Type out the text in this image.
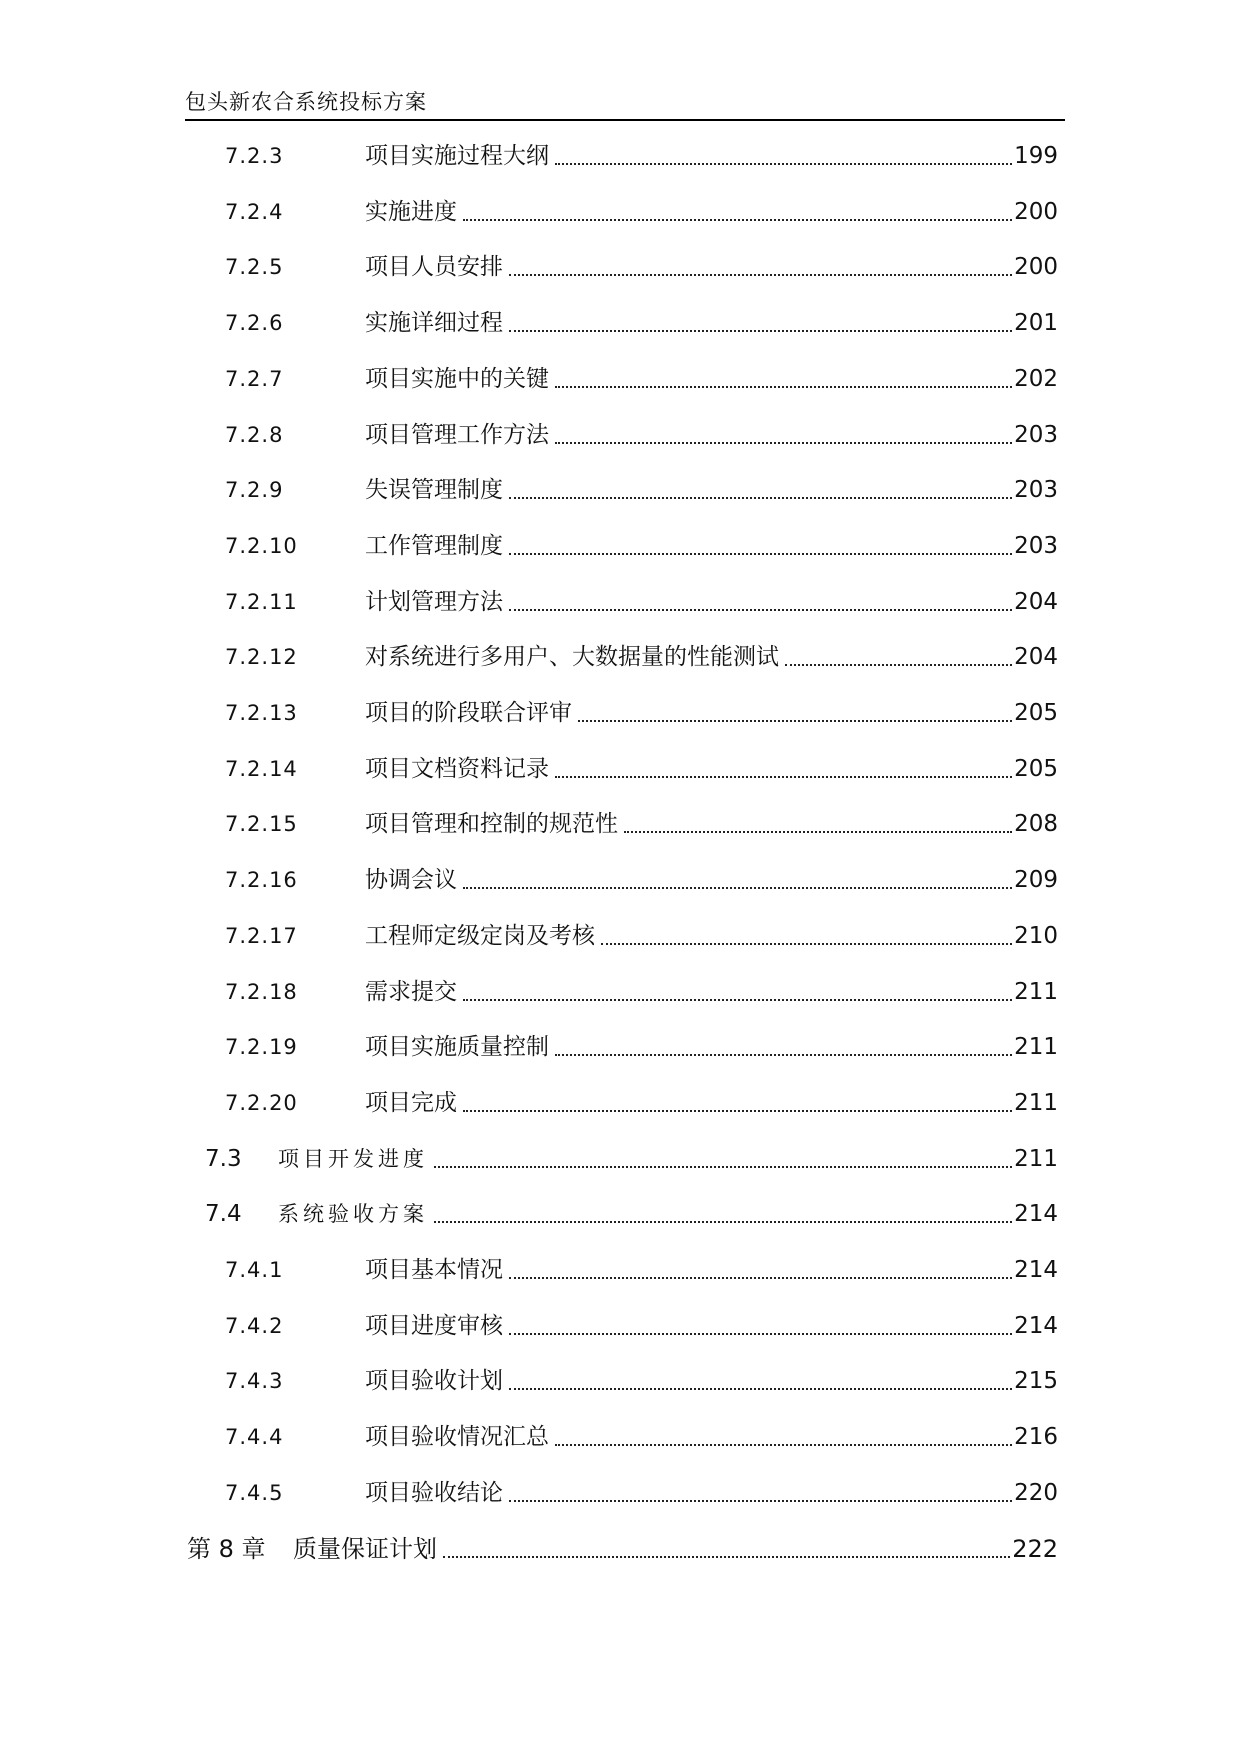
包头新农合系统投标方案
7.2.3	项目实施过程大纲	199
7.2.4	实施进度	200
7.2.5	项目人员安排	200
7.2.6	实施详细过程	201
7.2.7	项目实施中的关键	202
7.2.8	项目管理工作方法	203
7.2.9	失误管理制度	203
7.2.10	工作管理制度	203
7.2.11	计划管理方法	204
7.2.12	对系统进行多用户、大数据量的性能测试	204
7.2.13	项目的阶段联合评审	205
7.2.14	项目文档资料记录	205
7.2.15	项目管理和控制的规范性	208
7.2.16	协调会议	209
7.2.17	工程师定级定岗及考核	210
7.2.18	需求提交	211
7.2.19	项目实施质量控制	211
7.2.20	项目完成	211
7.3	项目开发进度	211
7.4	系统验收方案	214
7.4.1	项目基本情况	214
7.4.2	项目进度审核	214
7.4.3	项目验收计划	215
7.4.4	项目验收情况汇总	216
7.4.5	项目验收结论	220
第 8 章	质量保证计划	222
